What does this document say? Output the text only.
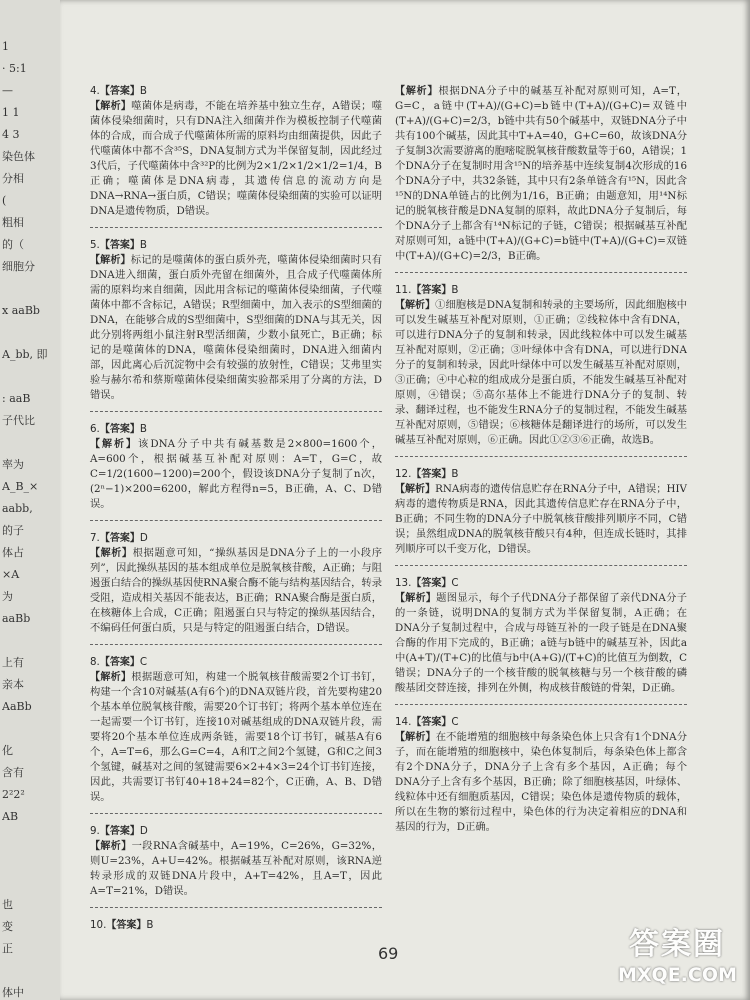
1
· 5:1
—
1 1
4 3
染色体
分相
(
粗相
的（
细胞分
x aaBb
A_bb, 即
: aaB
子代比
率为
A_B_×
aabb,
的子
体占
×A
为
aaBb
上有
亲本
AaBb
化
含有
2²2²
AB
也
变
正
体中
4.【答案】B
【解析】噬菌体是病毒，不能在培养基中独立生存，A错误；噬菌体侵染细菌时，只有DNA注入细菌并作为模板控制子代噬菌体的合成，而合成子代噬菌体所需的原料均由细菌提供，因此子代噬菌体中都不含³⁵S，DNA复制方式为半保留复制，因此经过3代后，子代噬菌体中含³²P的比例为2×1/2×1/2×1/2=1/4，B正确；噬菌体是DNA病毒，其遗传信息的流动方向是DNA→RNA→蛋白质，C错误；噬菌体侵染细菌的实验可以证明DNA是遗传物质，D错误。
5.【答案】B
【解析】标记的是噬菌体的蛋白质外壳，噬菌体侵染细菌时只有DNA进入细菌，蛋白质外壳留在细菌外，且合成子代噬菌体所需的原料均来自细菌，因此用含标记的噬菌体侵染细菌，子代噬菌体中都不含标记，A错误；R型细菌中，加入表示的S型细菌的DNA，在能够合成的S型细菌中，S型细菌的DNA与其无关，因此分别将两组小鼠注射R型活细菌，少数小鼠死亡，B正确；标记的是噬菌体的DNA，噬菌体侵染细菌时，DNA进入细菌内部，因此离心后沉淀物中会有较强的放射性，C错误；艾弗里实验与赫尔希和蔡斯噬菌体侵染细菌实验都采用了分离的方法，D错误。
6.【答案】B
【解析】该DNA分子中共有碱基数是2×800=1600个，A=600个，根据碱基互补配对原则：A=T，G=C，故C=1/2(1600−1200)=200个，假设该DNA分子复制了n次，(2ⁿ−1)×200=6200，解此方程得n=5，B正确，A、C、D错误。
7.【答案】D
【解析】根据题意可知，“操纵基因是DNA分子上的一小段序列”，因此操纵基因的基本组成单位是脱氧核苷酸，A正确；与阻遏蛋白结合的操纵基因使RNA聚合酶不能与结构基因结合，转录受阻，造成相关基因不能表达，B正确；RNA聚合酶是蛋白质，在核糖体上合成，C正确；阻遏蛋白只与特定的操纵基因结合，不编码任何蛋白质，只是与特定的阻遏蛋白结合，D错误。
8.【答案】C
【解析】根据题意可知，构建一个脱氧核苷酸需要2个订书钉，构建一个含10对碱基(A有6个)的DNA双链片段，首先要构建20个基本单位脱氧核苷酸，需要20个订书钉；将两个基本单位连在一起需要一个订书钉，连接10对碱基组成的DNA双链片段，需要将20个基本单位连成两条链，需要18个订书钉，碱基A有6个，A=T=6，那么G=C=4，A和T之间2个氢键，G和C之间3个氢键，碱基对之间的氢键需要6×2+4×3=24个订书钉连接，因此，共需要订书钉40+18+24=82个，C正确，A、B、D错误。
9.【答案】D
【解析】一段RNA含碱基中，A=19%，C=26%，G=32%，则U=23%，A+U=42%。根据碱基互补配对原则，该RNA逆转录形成的双链DNA片段中，A+T=42%，且A=T，因此A=T=21%，D错误。
10.【答案】B
【解析】根据DNA分子中的碱基互补配对原则可知，A=T，G=C，a链中(T+A)/(G+C)=b链中(T+A)/(G+C)=双链中(T+A)/(G+C)=2/3，b链中共有50个碱基中，双链DNA分子中共有100个碱基，因此其中T+A=40，G+C=60，故该DNA分子复制3次需要游离的胞嘧啶脱氧核苷酸数量等于60，A错误；1个DNA分子在复制时用含¹⁵N的培养基中连续复制4次形成的16个DNA分子中，共32条链，其中只有2条单链含有¹⁵N，因此含¹⁵N的DNA单链占的比例为1/16，B正确；由题意知，用¹⁴N标记的脱氧核苷酸是DNA复制的原料，故此DNA分子复制后，每个DNA分子上都含有¹⁴N标记的子链，C错误；根据碱基互补配对原则可知，a链中(T+A)/(G+C)=b链中(T+A)/(G+C)=双链中(T+A)/(G+C)=2/3，B正确。
11.【答案】B
【解析】①细胞核是DNA复制和转录的主要场所，因此细胞核中可以发生碱基互补配对原则，①正确；②线粒体中含有DNA，可以进行DNA分子的复制和转录，因此线粒体中可以发生碱基互补配对原则，②正确；③叶绿体中含有DNA，可以进行DNA分子的复制和转录，因此叶绿体中可以发生碱基互补配对原则，③正确；④中心粒的组成成分是蛋白质，不能发生碱基互补配对原则，④错误；⑤高尔基体上不能进行DNA分子的复制、转录、翻译过程，也不能发生RNA分子的复制过程，不能发生碱基互补配对原则，⑤错误；⑥核糖体是翻译进行的场所，可以发生碱基互补配对原则，⑥正确。因此①②③⑥正确，故选B。
12.【答案】B
【解析】RNA病毒的遗传信息贮存在RNA分子中，A错误；HIV病毒的遗传物质是RNA，因此其遗传信息贮存在RNA分子中，B正确；不同生物的DNA分子中脱氧核苷酸排列顺序不同，C错误；虽然组成DNA的脱氧核苷酸只有4种，但连成长链时，其排列顺序可以千变万化，D错误。
13.【答案】C
【解析】题图显示，每个子代DNA分子都保留了亲代DNA分子的一条链，说明DNA的复制方式为半保留复制，A正确；在DNA分子复制过程中，合成与母链互补的一段子链是在DNA聚合酶的作用下完成的，B正确；a链与b链中的碱基互补，因此a中(A+T)/(T+C)的比值与b中(A+G)/(T+C)的比值互为倒数，C错误；DNA分子的一个核苷酸的脱氧核糖与另一个核苷酸的磷酸基团交替连接，排列在外侧，构成核苷酸链的骨架，D正确。
14.【答案】C
【解析】在不能增殖的细胞核中每条染色体上只含有1个DNA分子，而在能增殖的细胞核中，染色体复制后，每条染色体上都含有2个DNA分子，DNA分子上含有多个基因，A正确；每个DNA分子上含有多个基因，B正确；除了细胞核基因，叶绿体、线粒体中还有细胞质基因，C错误；染色体是遗传物质的载体，所以在生物的繁衍过程中，染色体的行为决定着相应的DNA和基因的行为，D正确。
69	答案圈
MXQE.COM
